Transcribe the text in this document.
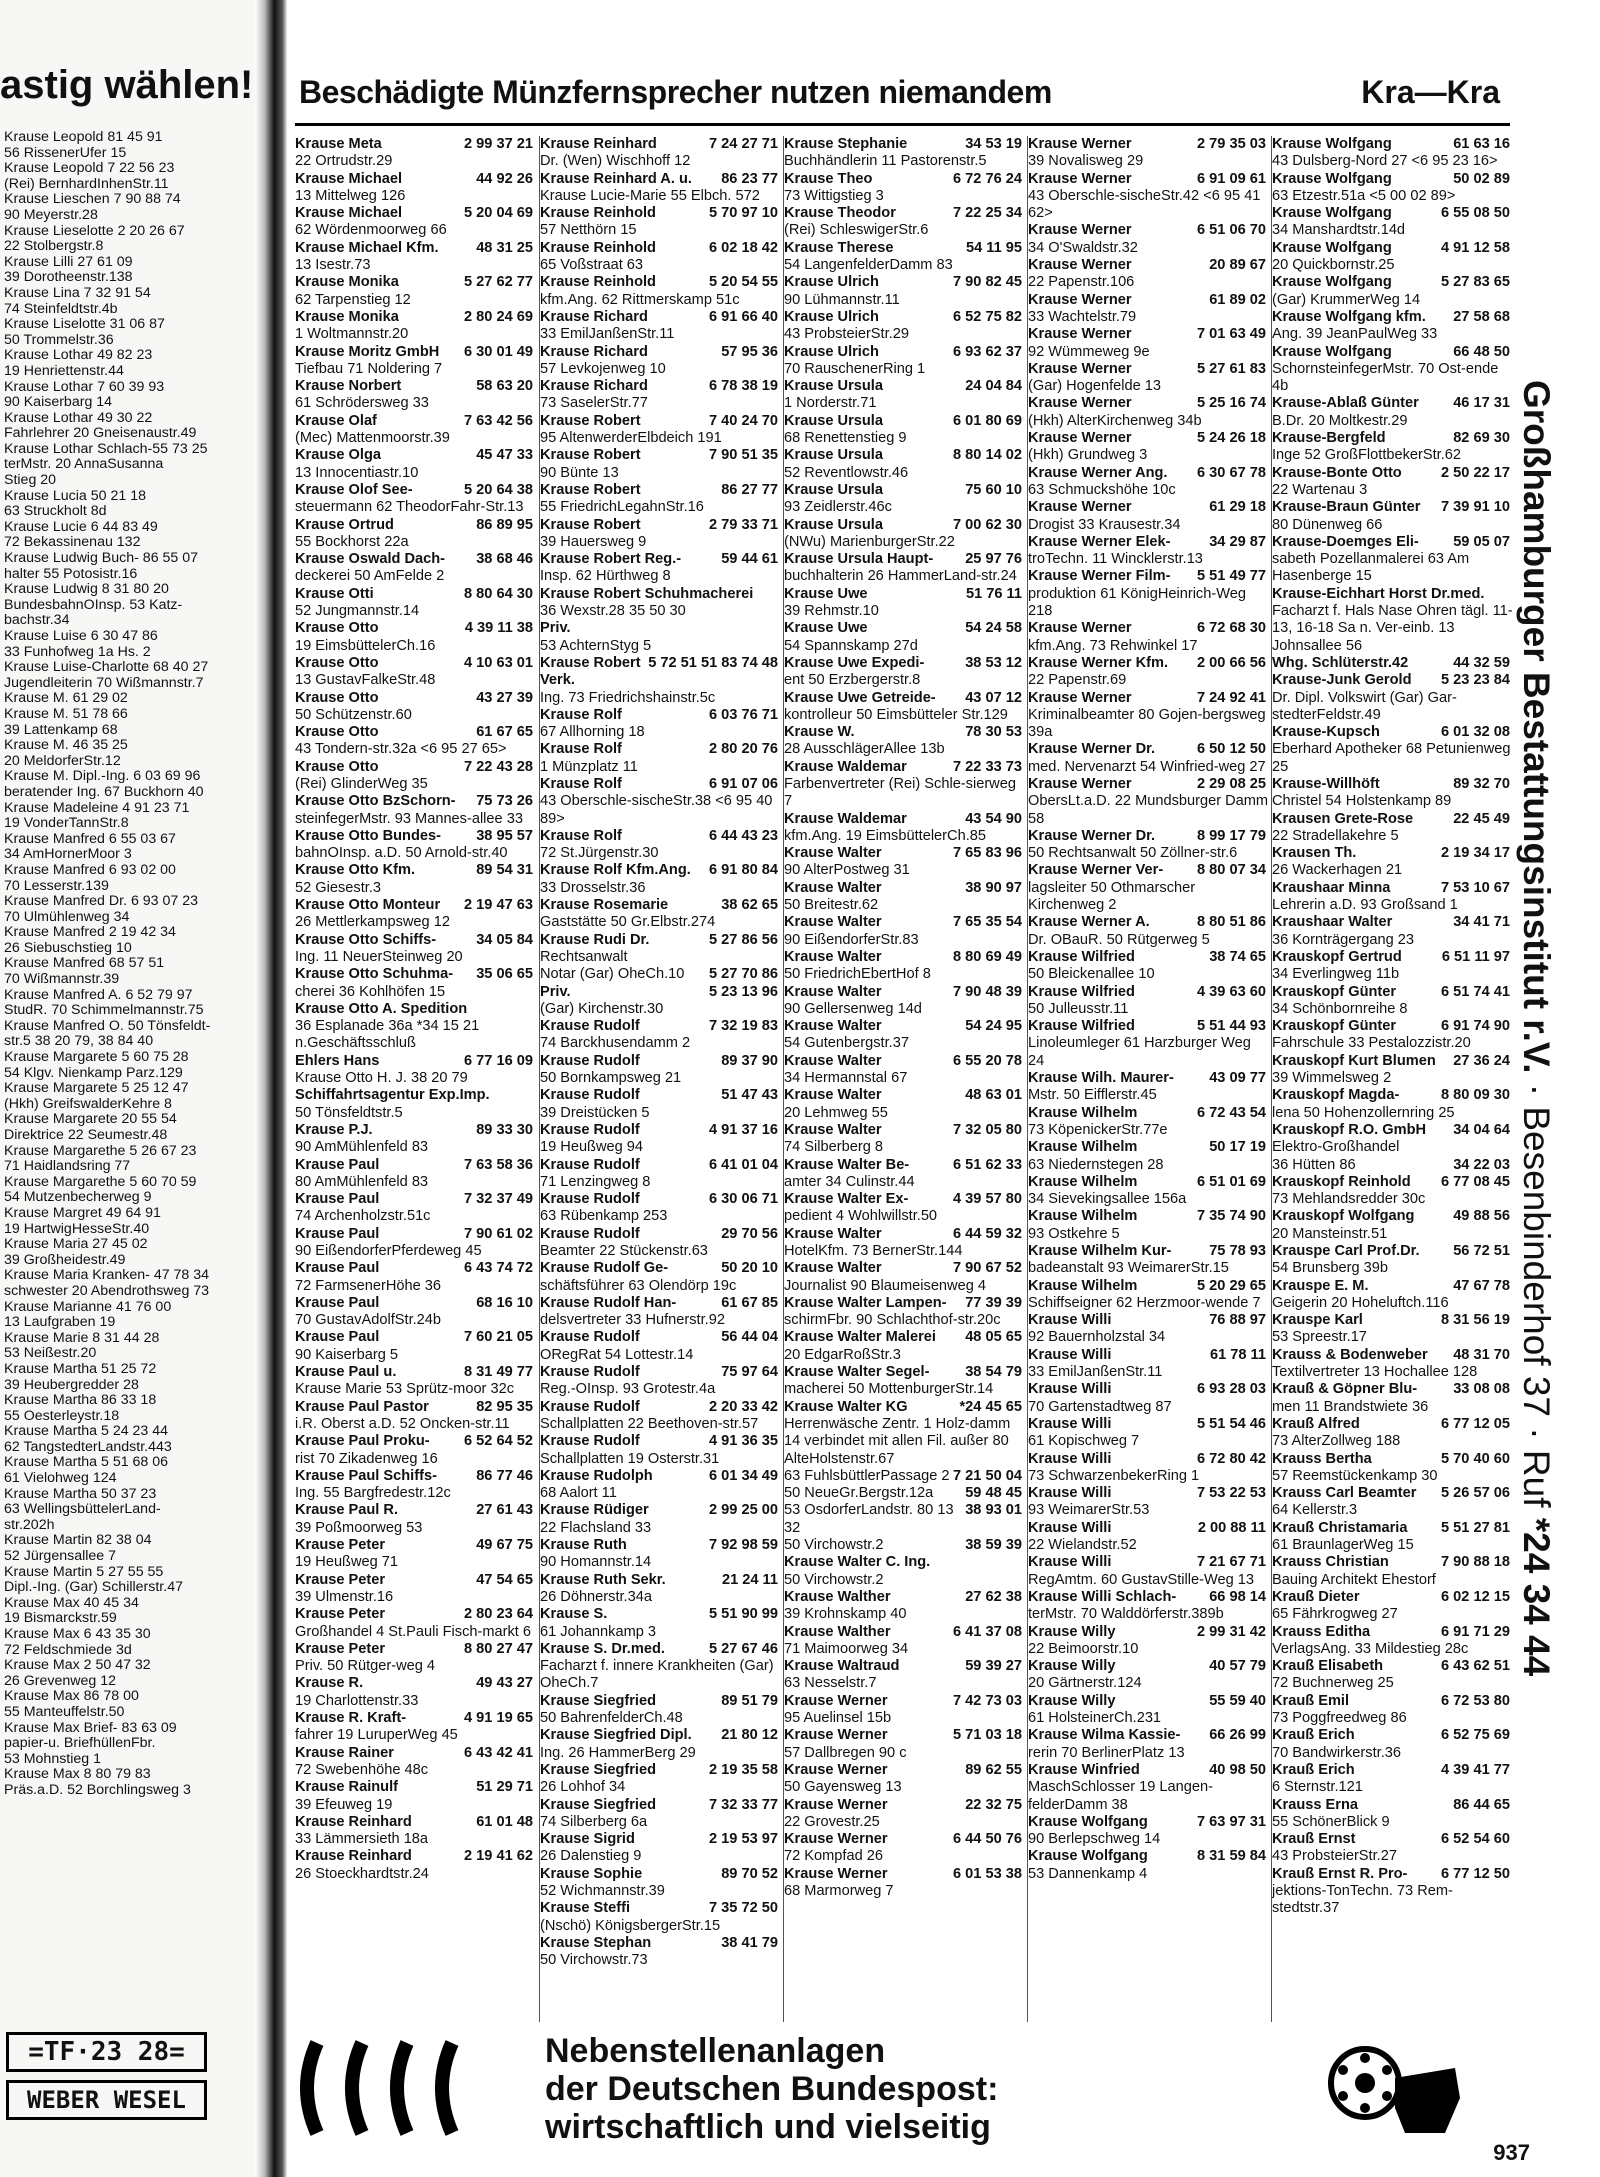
astig wählen!
Krause Leopold 81 45 91
56 RissenerUfer 15
Krause Leopold 7 22 56 23
(Rei) BernhardInhenStr.11
Krause Lieschen 7 90 88 74
90 Meyerstr.28
Krause Lieselotte 2 20 26 67
22 Stolbergstr.8
Krause Lilli 27 61 09
39 Dorotheenstr.138
Krause Lina 7 32 91 54
74 Steinfeldtstr.4b
Krause Liselotte 31 06 87
50 Trommelstr.36
Krause Lothar 49 82 23
19 Henriettenstr.44
Krause Lothar 7 60 39 93
90 Kaiserbarg 14
Krause Lothar 49 30 22
Fahrlehrer 20 Gneisenaustr.49
Krause Lothar Schlach-55 73 25
terMstr. 20 AnnaSusanna
Stieg 20
Krause Lucia 50 21 18
63 Struckholt 8d
Krause Lucie 6 44 83 49
72 Bekassinenau 132
Krause Ludwig Buch- 86 55 07
halter 55 Potosistr.16
Krause Ludwig 8 31 80 20
BundesbahnOInsp. 53 Katz-
bachstr.34
Krause Luise 6 30 47 86
33 Funhofweg 1a Hs. 2
Krause Luise-Charlotte 68 40 27
Jugendleiterin 70 Wißmannstr.7
Krause M. 61 29 02
Krause M. 51 78 66
39 Lattenkamp 68
Krause M. 46 35 25
20 MeldorferStr.12
Krause M. Dipl.-Ing. 6 03 69 96
beratender Ing. 67 Buckhorn 40
Krause Madeleine 4 91 23 71
19 VonderTannStr.8
Krause Manfred 6 55 03 67
34 AmHornerMoor 3
Krause Manfred 6 93 02 00
70 Lesserstr.139
Krause Manfred Dr. 6 93 07 23
70 Ulmühlenweg 34
Krause Manfred 2 19 42 34
26 Siebuschstieg 10
Krause Manfred 68 57 51
70 Wißmannstr.39
Krause Manfred A. 6 52 79 97
StudR. 70 Schimmelmannstr.75
Krause Manfred O. 50 Tönsfeldt-
str.5 38 20 79, 38 84 40
Krause Margarete 5 60 75 28
54 Klgv. Nienkamp Parz.129
Krause Margarete 5 25 12 47
(Hkh) GreifswalderKehre 8
Krause Margarete 20 55 54
Direktrice 22 Seumestr.48
Krause Margarethe 5 26 67 23
71 Haidlandsring 77
Krause Margarethe 5 60 70 59
54 Mutzenbecherweg 9
Krause Margret 49 64 91
19 HartwigHesseStr.40
Krause Maria 27 45 02
39 Großheidestr.49
Krause Maria Kranken- 47 78 34
schwester 20 Abendrothsweg 73
Krause Marianne 41 76 00
13 Laufgraben 19
Krause Marie 8 31 44 28
53 Neißestr.20
Krause Martha 51 25 72
39 Heubergredder 28
Krause Martha 86 33 18
55 Oesterleystr.18
Krause Martha 5 24 23 44
62 TangstedterLandstr.443
Krause Martha 5 51 68 06
61 Vielohweg 124
Krause Martha 50 37 23
63 WellingsbüttelerLand-
str.202h
Krause Martin 82 38 04
52 Jürgensallee 7
Krause Martin 5 27 55 55
Dipl.-Ing. (Gar) Schillerstr.47
Krause Max 40 45 34
19 Bismarckstr.59
Krause Max 6 43 35 30
72 Feldschmiede 3d
Krause Max 2 50 47 32
26 Grevenweg 12
Krause Max 86 78 00
55 Manteuffelstr.50
Krause Max Brief- 83 63 09
papier-u. BriefhüllenFbr.
53 Mohnstieg 1
Krause Max 8 80 79 83
Präs.a.D. 52 Borchlingsweg 3
=TF·23 28=
WEBER WESEL
Beschädigte Münzfernsprecher nutzen niemandem	Kra—Kra
2 99 37 21
Krause Meta
22 Ortrudstr.29
44 92 26
Krause Michael
13 Mittelweg 126
5 20 04 69
Krause Michael
62 Wördenmoorweg 66
48 31 25
Krause Michael Kfm.
13 Isestr.73
5 27 62 77
Krause Monika
62 Tarpenstieg 12
2 80 24 69
Krause Monika
1 Woltmannstr.20
6 30 01 49
Krause Moritz GmbH
Tiefbau 71 Noldering 7
58 63 20
Krause Norbert
61 Schrödersweg 33
7 63 42 56
Krause Olaf
(Mec) Mattenmoorstr.39
45 47 33
Krause Olga
13 Innocentiastr.10
5 20 64 38
Krause Olof See-
steuermann 62 TheodorFahr-Str.13
86 89 95
Krause Ortrud
55 Bockhorst 22a
38 68 46
Krause Oswald Dach-
deckerei 50 AmFelde 2
8 80 64 30
Krause Otti
52 Jungmannstr.14
4 39 11 38
Krause Otto
19 EimsbüttelerCh.16
4 10 63 01
Krause Otto
13 GustavFalkeStr.48
43 27 39
Krause Otto
50 Schützenstr.60
61 67 65
Krause Otto
43 Tondern-str.32a <6 95 27 65>
7 22 43 28
Krause Otto
(Rei) GlinderWeg 35
75 73 26
Krause Otto BzSchorn-
steinfegerMstr. 93 Mannes-allee 33
38 95 57
Krause Otto Bundes-
bahnOInsp. a.D. 50 Arnold-str.40
89 54 31
Krause Otto Kfm.
52 Giesestr.3
2 19 47 63
Krause Otto Monteur
26 Mettlerkampsweg 12
34 05 84
Krause Otto Schiffs-
Ing. 11 NeuerSteinweg 20
35 06 65
Krause Otto Schuhma-
cherei 36 Kohlhöfen 15
Krause Otto A. Spedition
36 Esplanade 36a *34 15 21 n.Geschäftsschluß
6 77 16 09
Ehlers Hans
Krause Otto H. J. 38 20 79
Schiffahrtsagentur Exp.Imp.
50 Tönsfeldtstr.5
89 33 30
Krause P.J.
90 AmMühlenfeld 83
7 63 58 36
Krause Paul
80 AmMühlenfeld 83
7 32 37 49
Krause Paul
74 Archenholzstr.51c
7 90 61 02
Krause Paul
90 EißendorferPferdeweg 45
6 43 74 72
Krause Paul
72 FarmsenerHöhe 36
68 16 10
Krause Paul
70 GustavAdolfStr.24b
7 60 21 05
Krause Paul
90 Kaiserbarg 5
8 31 49 77
Krause Paul u.
Krause Marie 53 Sprütz-moor 32c
82 95 35
Krause Paul Pastor
i.R. Oberst a.D. 52 Oncken-str.11
6 52 64 52
Krause Paul Proku-
rist 70 Zikadenweg 16
86 77 46
Krause Paul Schiffs-
Ing. 55 Bargfredestr.12c
27 61 43
Krause Paul R.
39 Poßmoorweg 53
49 67 75
Krause Peter
19 Heußweg 71
47 54 65
Krause Peter
39 Ulmenstr.16
2 80 23 64
Krause Peter
Großhandel 4 St.Pauli Fisch-markt 6
8 80 27 47
Krause Peter
Priv. 50 Rütger-weg 4
49 43 27
Krause R.
19 Charlottenstr.33
4 91 19 65
Krause R. Kraft-
fahrer 19 LuruperWeg 45
6 43 42 41
Krause Rainer
72 Swebenhöhe 48c
51 29 71
Krause Rainulf
39 Efeuweg 19
61 01 48
Krause Reinhard
33 Lämmersieth 18a
2 19 41 62
Krause Reinhard
26 Stoeckhardtstr.24
7 24 27 71
Krause Reinhard
Dr. (Wen) Wischhoff 12
86 23 77
Krause Reinhard A. u.
Krause Lucie-Marie 55 Elbch. 572
5 70 97 10
Krause Reinhold
57 Netthörn 15
6 02 18 42
Krause Reinhold
65 Voßstraat 63
5 20 54 55
Krause Reinhold
kfm.Ang. 62 Rittmerskamp 51c
6 91 66 40
Krause Richard
33 EmilJanßenStr.11
57 95 36
Krause Richard
57 Levkojenweg 10
6 78 38 19
Krause Richard
73 SaselerStr.77
7 40 24 70
Krause Robert
95 AltenwerderElbdeich 191
7 90 51 35
Krause Robert
90 Bünte 13
86 27 77
Krause Robert
55 FriedrichLegahnStr.16
2 79 33 71
Krause Robert
39 Hauersweg 9
59 44 61
Krause Robert Reg.-
Insp. 62 Hürthweg 8
Krause Robert Schuhmacherei
36 Wexstr.28 35 50 30
Priv.
53 AchternStyg 5
83 74 48
5 72 51 51
Krause Robert Verk.
Ing. 73 Friedrichshainstr.5c
6 03 76 71
Krause Rolf
67 Allhorning 18
2 80 20 76
Krause Rolf
1 Münzplatz 11
6 91 07 06
Krause Rolf
43 Oberschle-sischeStr.38 <6 95 40 89>
6 44 43 23
Krause Rolf
72 St.Jürgenstr.30
6 91 80 84
Krause Rolf Kfm.Ang.
33 Drosselstr.36
38 62 65
Krause Rosemarie
Gaststätte 50 Gr.Elbstr.274
5 27 86 56
Krause Rudi Dr.
Rechtsanwalt
5 27 70 86
Notar (Gar) OheCh.10
5 23 13 96
Priv.
(Gar) Kirchenstr.30
7 32 19 83
Krause Rudolf
74 Barckhusendamm 2
89 37 90
Krause Rudolf
50 Bornkampsweg 21
51 47 43
Krause Rudolf
39 Dreistücken 5
4 91 37 16
Krause Rudolf
19 Heußweg 94
6 41 01 04
Krause Rudolf
71 Lenzingweg 8
6 30 06 71
Krause Rudolf
63 Rübenkamp 253
29 70 56
Krause Rudolf
Beamter 22 Stückenstr.63
50 20 10
Krause Rudolf Ge-
schäftsführer 63 Olendörp 19c
61 67 85
Krause Rudolf Han-
delsvertreter 33 Hufnerstr.92
56 44 04
Krause Rudolf
ORegRat 54 Lottestr.14
75 97 64
Krause Rudolf
Reg.-OInsp. 93 Grotestr.4a
2 20 33 42
Krause Rudolf
Schallplatten 22 Beethoven-str.57
4 91 36 35
Krause Rudolf
Schallplatten 19 Osterstr.31
6 01 34 49
Krause Rudolph
68 Aalort 11
2 99 25 00
Krause Rüdiger
22 Flachsland 33
7 92 98 59
Krause Ruth
90 Homannstr.14
21 24 11
Krause Ruth Sekr.
26 Döhnerstr.34a
5 51 90 99
Krause S.
61 Johannkamp 3
5 27 67 46
Krause S. Dr.med.
Facharzt f. innere Krankheiten (Gar) OheCh.7
89 51 79
Krause Siegfried
50 BahrenfelderCh.48
21 80 12
Krause Siegfried Dipl.
Ing. 26 HammerBerg 29
2 19 35 58
Krause Siegfried
26 Lohhof 34
7 32 33 77
Krause Siegfried
74 Silberberg 6a
2 19 53 97
Krause Sigrid
26 Dalenstieg 9
89 70 52
Krause Sophie
52 Wichmannstr.39
7 35 72 50
Krause Steffi
(Nschö) KönigsbergerStr.15
38 41 79
Krause Stephan
50 Virchowstr.73
34 53 19
Krause Stephanie
Buchhändlerin 11 Pastorenstr.5
6 72 76 24
Krause Theo
73 Wittigstieg 3
7 22 25 34
Krause Theodor
(Rei) SchleswigerStr.6
54 11 95
Krause Therese
54 LangenfelderDamm 83
7 90 82 45
Krause Ulrich
90 Lühmannstr.11
6 52 75 82
Krause Ulrich
43 ProbsteierStr.29
6 93 62 37
Krause Ulrich
70 RauschenerRing 1
24 04 84
Krause Ursula
1 Norderstr.71
6 01 80 69
Krause Ursula
68 Renettenstieg 9
8 80 14 02
Krause Ursula
52 Reventlowstr.46
75 60 10
Krause Ursula
93 Zeidlerstr.46c
7 00 62 30
Krause Ursula
(NWu) MarienburgerStr.22
25 97 76
Krause Ursula Haupt-
buchhalterin 26 HammerLand-str.24
51 76 11
Krause Uwe
39 Rehmstr.10
54 24 58
Krause Uwe
54 Spannskamp 27d
38 53 12
Krause Uwe Expedi-
ent 50 Erzbergerstr.8
43 07 12
Krause Uwe Getreide-
kontrolleur 50 Eimsbütteler Str.129
78 30 53
Krause W.
28 AusschlägerAllee 13b
7 22 33 73
Krause Waldemar
Farbenvertreter (Rei) Schle-sierweg 7
43 54 90
Krause Waldemar
kfm.Ang. 19 EimsbüttelerCh.85
7 65 83 96
Krause Walter
90 AlterPostweg 31
38 90 97
Krause Walter
50 Breitestr.62
7 65 35 54
Krause Walter
90 EißendorferStr.83
8 80 69 49
Krause Walter
50 FriedrichEbertHof 8
7 90 48 39
Krause Walter
90 Gellersenweg 14d
54 24 95
Krause Walter
54 Gutenbergstr.37
6 55 20 78
Krause Walter
34 Hermannstal 67
48 63 01
Krause Walter
20 Lehmweg 55
7 32 05 80
Krause Walter
74 Silberberg 8
6 51 62 33
Krause Walter Be-
amter 34 Culinstr.44
4 39 57 80
Krause Walter Ex-
pedient 4 Wohlwillstr.50
6 44 59 32
Krause Walter
HotelKfm. 73 BernerStr.144
7 90 67 52
Krause Walter
Journalist 90 Blaumeisenweg 4
77 39 39
Krause Walter Lampen-
schirmFbr. 90 Schlachthof-str.20c
48 05 65
Krause Walter Malerei
20 EdgarRoßStr.3
38 54 79
Krause Walter Segel-
macherei 50 MottenburgerStr.14
*24 45 65
Krause Walter KG
Herrenwäsche Zentr. 1 Holz-damm 14 verbindet mit allen Fil. außer 80 AlteHolstenstr.67
7 21 50 04
63 FuhlsbüttlerPassage 2
59 48 45
50 NeueGr.Bergstr.12a
38 93 01
53 OsdorferLandstr. 80 13 32
38 59 39
50 Virchowstr.2
Krause Walter C. Ing.
50 Virchowstr.2
27 62 38
Krause Walther
39 Krohnskamp 40
6 41 37 08
Krause Walther
71 Maimoorweg 34
59 39 27
Krause Waltraud
63 Nesselstr.7
7 42 73 03
Krause Werner
95 Auelinsel 15b
5 71 03 18
Krause Werner
57 Dallbregen 90 c
89 62 55
Krause Werner
50 Gayensweg 13
22 32 75
Krause Werner
22 Grovestr.25
6 44 50 76
Krause Werner
72 Kompfad 26
6 01 53 38
Krause Werner
68 Marmorweg 7
2 79 35 03
Krause Werner
39 Novalisweg 29
6 91 09 61
Krause Werner
43 Oberschle-sischeStr.42 <6 95 41 62>
6 51 06 70
Krause Werner
34 O'Swaldstr.32
20 89 67
Krause Werner
22 Papenstr.106
61 89 02
Krause Werner
33 Wachtelstr.79
7 01 63 49
Krause Werner
92 Wümmeweg 9e
5 27 61 83
Krause Werner
(Gar) Hogenfelde 13
5 25 16 74
Krause Werner
(Hkh) AlterKirchenweg 34b
5 24 26 18
Krause Werner
(Hkh) Grundweg 3
6 30 67 78
Krause Werner Ang.
63 Schmuckshöhe 10c
61 29 18
Krause Werner
Drogist 33 Krausestr.34
34 29 87
Krause Werner Elek-
troTechn. 11 Wincklerstr.13
5 51 49 77
Krause Werner Film-
produktion 61 KönigHeinrich-Weg 218
6 72 68 30
Krause Werner
kfm.Ang. 73 Rehwinkel 17
2 00 66 56
Krause Werner Kfm.
22 Papenstr.69
7 24 92 41
Krause Werner
Kriminalbeamter 80 Gojen-bergsweg 39a
6 50 12 50
Krause Werner Dr.
med. Nervenarzt 54 Winfried-weg 27
2 29 08 25
Krause Werner
ObersLt.a.D. 22 Mundsburger Damm 58
8 99 17 79
Krause Werner Dr.
50 Rechtsanwalt 50 Zöllner-str.6
8 80 07 34
Krause Werner Ver-
lagsleiter 50 Othmarscher Kirchenweg 2
8 80 51 86
Krause Werner A.
Dr. OBauR. 50 Rütgerweg 5
38 74 65
Krause Wilfried
50 Bleickenallee 10
4 39 63 60
Krause Wilfried
50 Julleusstr.11
5 51 44 93
Krause Wilfried
Linoleumleger 61 Harzburger Weg 24
43 09 77
Krause Wilh. Maurer-
Mstr. 50 Eifflerstr.45
6 72 43 54
Krause Wilhelm
73 KöpenickerStr.77e
50 17 19
Krause Wilhelm
63 Niedernstegen 28
6 51 01 69
Krause Wilhelm
34 Sievekingsallee 156a
7 35 74 90
Krause Wilhelm
93 Ostkehre 5
75 78 93
Krause Wilhelm Kur-
badeanstalt 93 WeimarerStr.15
5 20 29 65
Krause Wilhelm
Schiffseigner 62 Herzmoor-wende 7
76 88 97
Krause Willi
92 Bauernholzstal 34
61 78 11
Krause Willi
33 EmilJanßenStr.11
6 93 28 03
Krause Willi
70 Gartenstadtweg 87
5 51 54 46
Krause Willi
61 Kopischweg 7
6 72 80 42
Krause Willi
73 SchwarzenbekerRing 1
7 53 22 53
Krause Willi
93 WeimarerStr.53
2 00 88 11
Krause Willi
22 Wielandstr.52
7 21 67 71
Krause Willi
RegAmtm. 60 GustavStille-Weg 13
66 98 14
Krause Willi Schlach-
terMstr. 70 Walddörferstr.389b
2 99 31 42
Krause Willy
22 Beimoorstr.10
40 57 79
Krause Willy
20 Gärtnerstr.124
55 59 40
Krause Willy
61 HolsteinerCh.231
66 26 99
Krause Wilma Kassie-
rerin 70 BerlinerPlatz 13
40 98 50
Krause Winfried
MaschSchlosser 19 Langen-felderDamm 38
7 63 97 31
Krause Wolfgang
90 Berlepschweg 14
8 31 59 84
Krause Wolfgang
53 Dannenkamp 4
61 63 16
Krause Wolfgang
43 Dulsberg-Nord 27 <6 95 23 16>
50 02 89
Krause Wolfgang
63 Etzestr.51a <5 00 02 89>
6 55 08 50
Krause Wolfgang
34 Manshardtstr.14d
4 91 12 58
Krause Wolfgang
20 Quickbornstr.25
5 27 83 65
Krause Wolfgang
(Gar) KrummerWeg 14
27 58 68
Krause Wolfgang kfm.
Ang. 39 JeanPaulWeg 33
66 48 50
Krause Wolfgang
SchornsteinfegerMstr. 70 Ost-ende 4b
46 17 31
Krause-Ablaß Günter
B.Dr. 20 Moltkestr.29
82 69 30
Krause-Bergfeld
Inge 52 GroßFlottbekerStr.62
2 50 22 17
Krause-Bonte Otto
22 Wartenau 3
7 39 91 10
Krause-Braun Günter
80 Dünenweg 66
59 05 07
Krause-Doemges Eli-
sabeth Pozellanmalerei 63 Am Hasenberge 15
Krause-Eichhart Horst Dr.med.
Facharzt f. Hals Nase Ohren tägl. 11-13, 16-18 Sa n. Ver-einb. 13 Johnsallee 56
44 32 59
Whg. Schlüterstr.42
5 23 23 84
Krause-Junk Gerold
Dr. Dipl. Volkswirt (Gar) Gar-stedterFeldstr.49
6 01 32 08
Krause-Kupsch
Eberhard Apotheker 68 Petunienweg 25
89 32 70
Krause-Willhöft
Christel 54 Holstenkamp 89
22 45 49
Krausen Grete-Rose
22 Stradellakehre 5
2 19 34 17
Krausen Th.
26 Wackerhagen 21
7 53 10 67
Kraushaar Minna
Lehrerin a.D. 93 Großsand 1
34 41 71
Kraushaar Walter
36 Kornträgergang 23
6 51 11 97
Krauskopf Gertrud
34 Everlingweg 11b
6 51 74 41
Krauskopf Günter
34 Schönbornreihe 8
6 91 74 90
Krauskopf Günter
Fahrschule 33 Pestalozzistr.20
27 36 24
Krauskopf Kurt Blumen
39 Wimmelsweg 2
8 80 09 30
Krauskopf Magda-
lena 50 Hohenzollernring 25
34 04 64
Krauskopf R.O. GmbH
Elektro-Großhandel
34 22 03
36 Hütten 86
6 77 08 45
Krauskopf Reinhold
73 Mehlandsredder 30c
49 88 56
Krauskopf Wolfgang
20 Mansteinstr.51
56 72 51
Krauspe Carl Prof.Dr.
54 Brunsberg 39b
47 67 78
Krauspe E. M.
Geigerin 20 Hoheluftch.116
8 31 56 19
Krauspe Karl
53 Spreestr.17
48 31 70
Krauss & Bodenweber
Textilvertreter 13 Hochallee 128
33 08 08
Krauß & Göpner Blu-
men 11 Brandstwiete 36
6 77 12 05
Krauß Alfred
73 AlterZollweg 188
5 70 40 60
Krauss Bertha
57 Reemstückenkamp 30
5 26 57 06
Krauss Carl Beamter
64 Kellerstr.3
5 51 27 81
Krauß Christamaria
61 BraunlagerWeg 15
7 90 88 18
Krauss Christian
Bauing Architekt Ehestorf
6 02 12 15
Krauß Dieter
65 Fährkrogweg 27
6 91 71 29
Krauss Editha
VerlagsAng. 33 Mildestieg 28c
6 43 62 51
Krauß Elisabeth
72 Buchnerweg 25
6 72 53 80
Krauß Emil
73 Poggfreedweg 86
6 52 75 69
Krauß Erich
70 Bandwirkerstr.36
4 39 41 77
Krauß Erich
6 Sternstr.121
86 44 65
Krauss Erna
55 SchönerBlick 9
6 52 54 60
Krauß Ernst
43 ProbsteierStr.27
6 77 12 50
Krauß Ernst R. Pro-
jektions-TonTechn. 73 Rem-stedtstr.37
Großhamburger Bestattungsinstitut r.V. · Besenbinderhof 37 · Ruf *24 34 44
Nebenstellenanlagen
der Deutschen Bundespost:
wirtschaftlich und vielseitig
937
